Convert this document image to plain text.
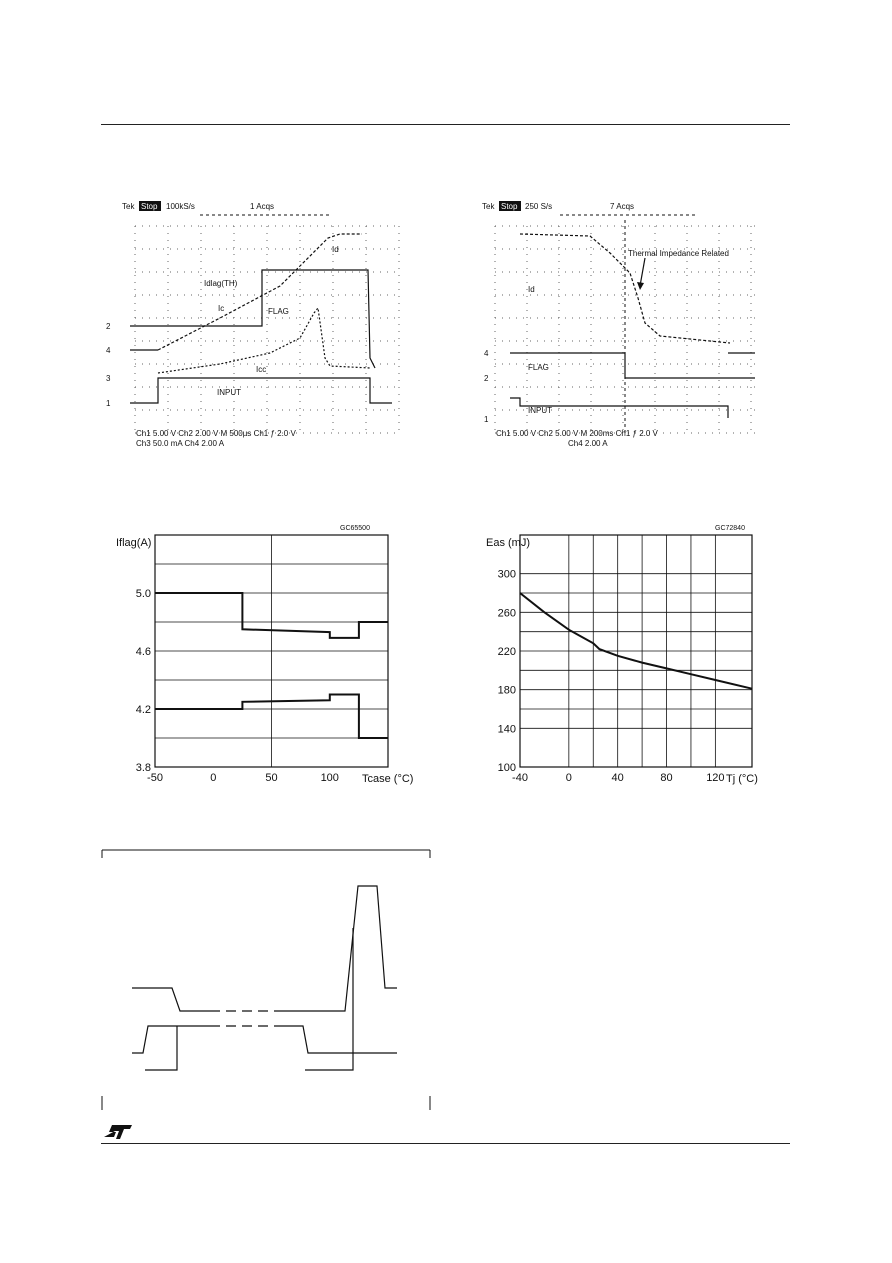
Tek Stop 100kS/s	1 Acqs
2
4
3
1
Id
Idlag(TH)
FLAG
Ic
Icc
INPUT
Ch1 5.00 V Ch2 2.00 V M 500µs Ch1 ƒ 2.0 V
Ch3 50.0 mA Ch4 2.00 A
Tek Stop 250 S/s	7 Acqs
Thermal Impedance Related
Id
FLAG
INPUT
4
2
1
Ch1 5.00 V Ch2 5.00 V M 200ms Ch1 ƒ 2.0 V
Ch4 2.00 A
GC65500
Iflag(A)
Tcase (°C)
-50	0	50	100
3.8
4.2
4.6
5.0
GC72840
Eas (mJ)
Tj (°C)
-40	0	40	80	120
100
140
180
220
260
300
